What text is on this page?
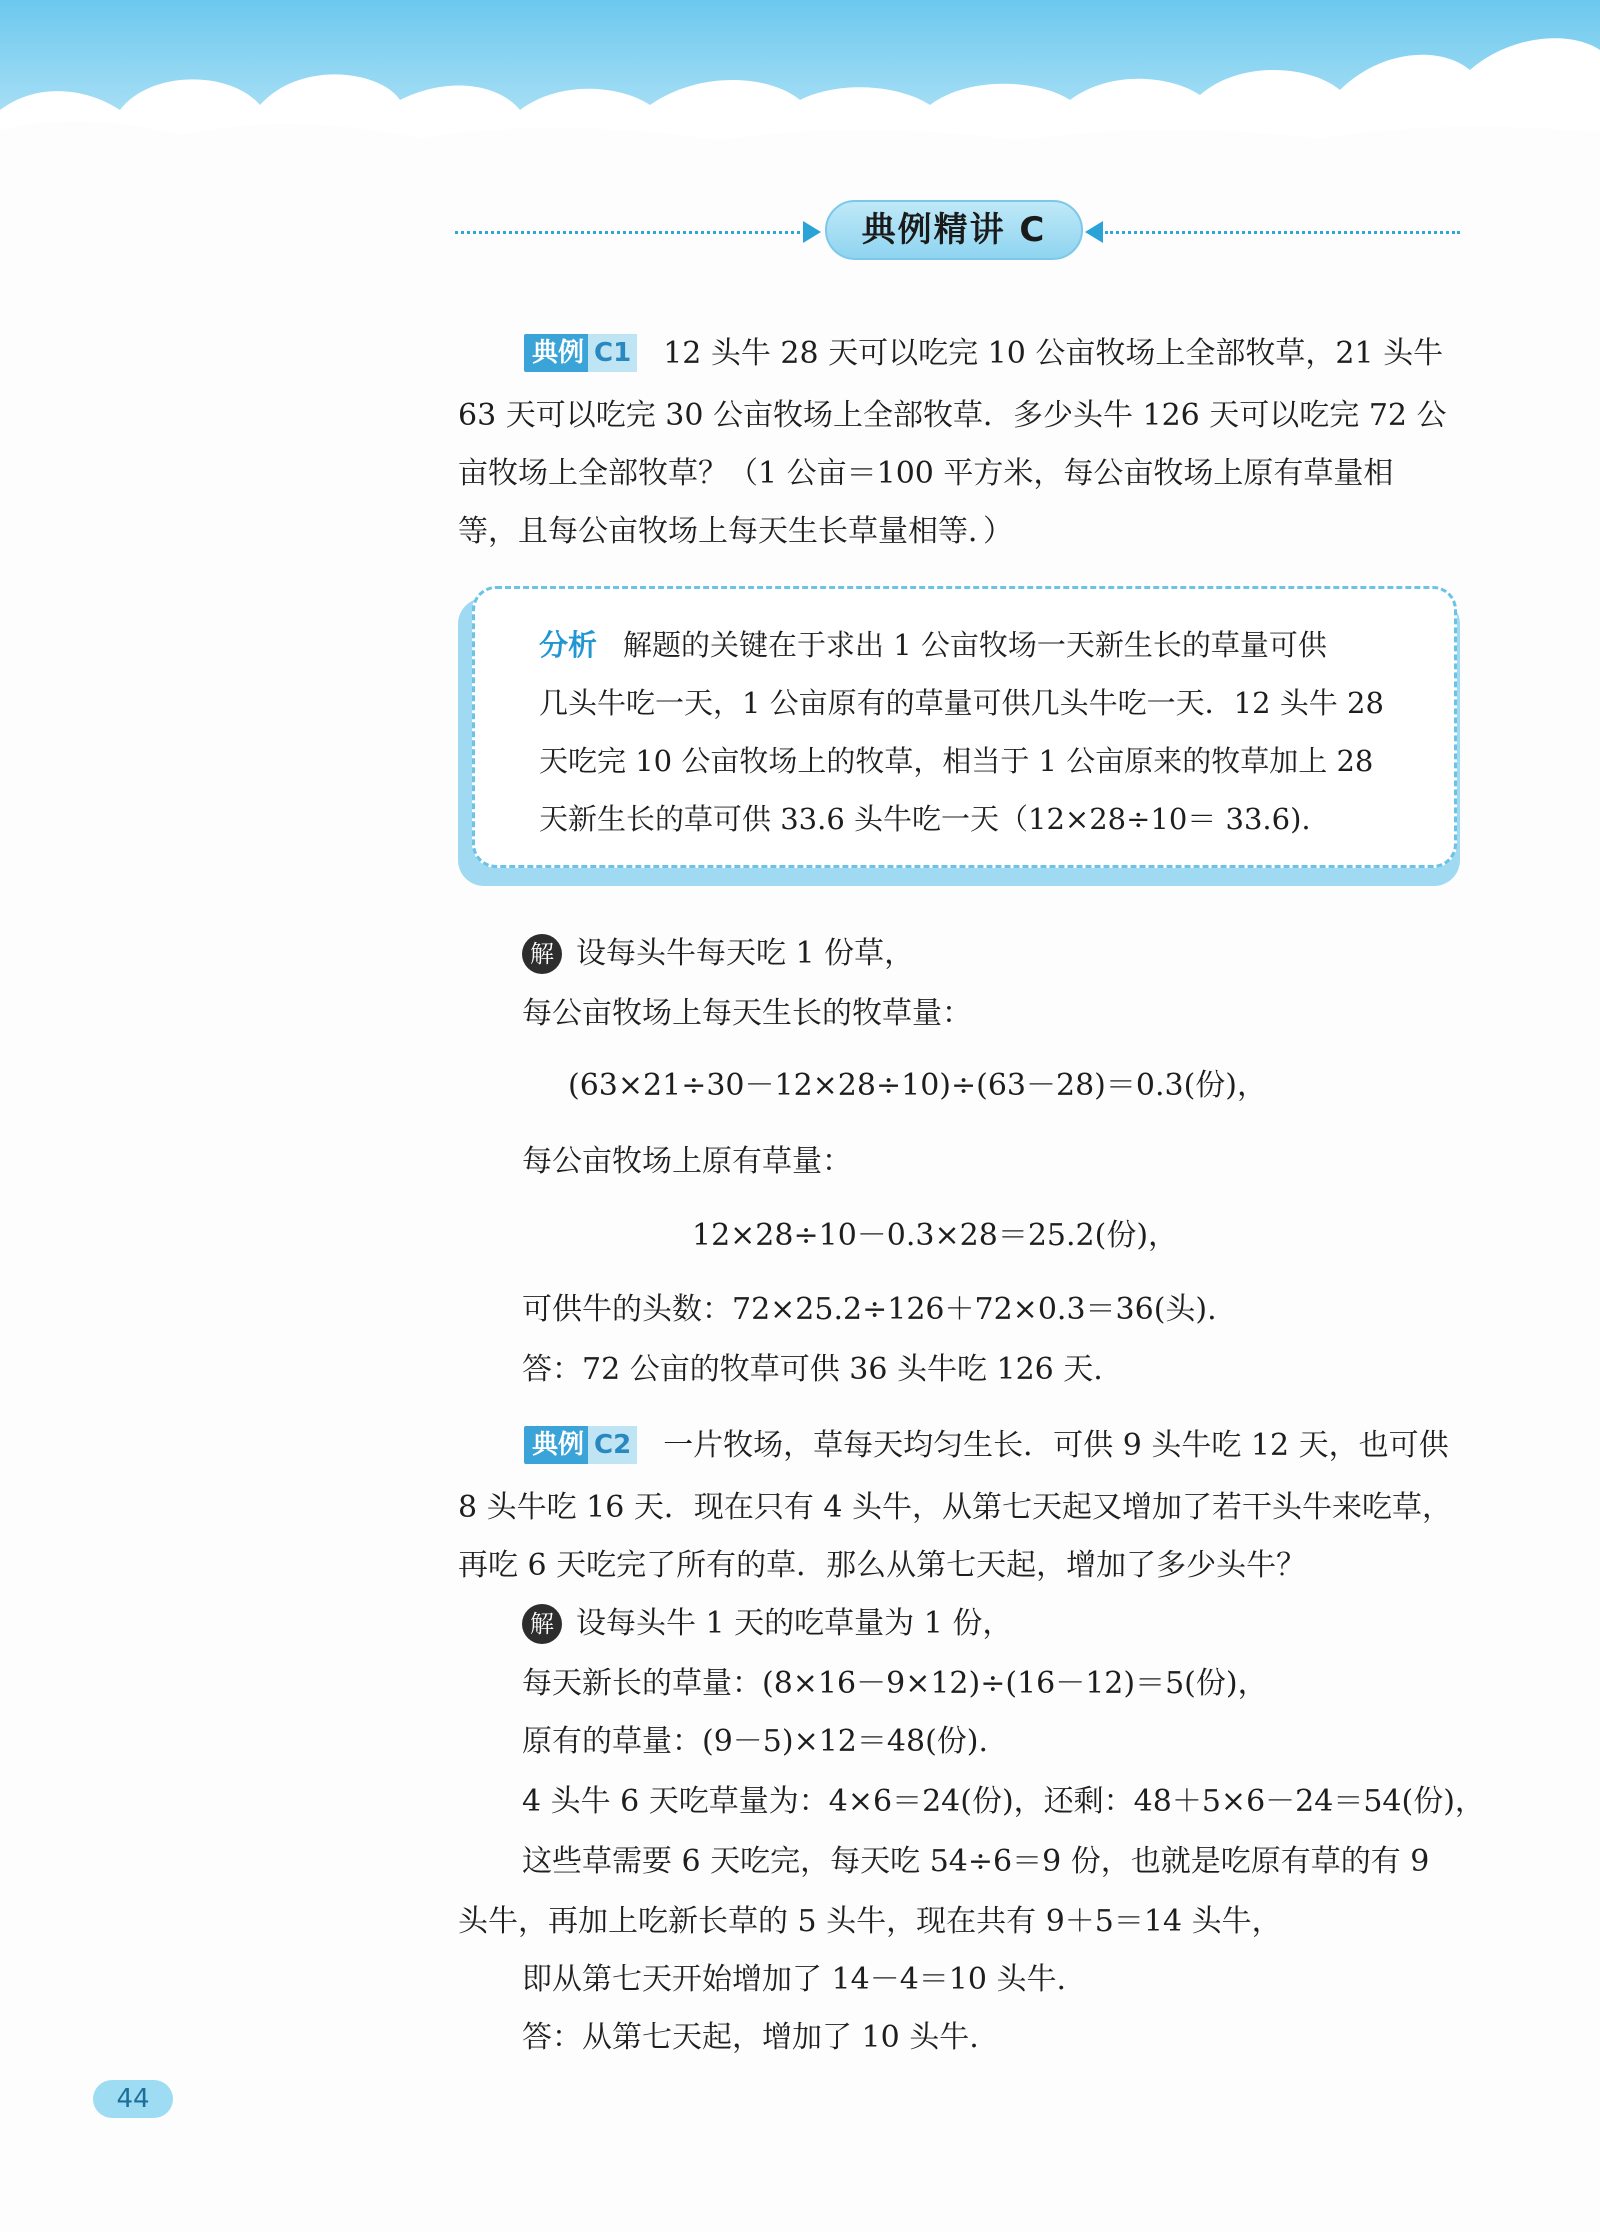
典例精讲 C
典例 C1 12 头牛 28 天可以吃完 10 公亩牧场上全部牧草，21 头牛
63 天可以吃完 30 公亩牧场上全部牧草．多少头牛 126 天可以吃完 72 公
亩牧场上全部牧草？（1 公亩＝100 平方米，每公亩牧场上原有草量相
等，且每公亩牧场上每天生长草量相等．）
分析 解题的关键在于求出 1 公亩牧场一天新生长的草量可供
几头牛吃一天，1 公亩原有的草量可供几头牛吃一天．12 头牛 28
天吃完 10 公亩牧场上的牧草，相当于 1 公亩原来的牧草加上 28
天新生长的草可供 33.6 头牛吃一天（12×28÷10＝ 33.6).
解 设每头牛每天吃 1 份草，
每公亩牧场上每天生长的牧草量：
(63×21÷30－12×28÷10)÷(63－28)＝0.3(份)，
每公亩牧场上原有草量：
12×28÷10－0.3×28＝25.2(份)，
可供牛的头数：72×25.2÷126＋72×0.3＝36(头).
答：72 公亩的牧草可供 36 头牛吃 126 天.
典例 C2 一片牧场，草每天均匀生长．可供 9 头牛吃 12 天，也可供
8 头牛吃 16 天．现在只有 4 头牛，从第七天起又增加了若干头牛来吃草，
再吃 6 天吃完了所有的草．那么从第七天起，增加了多少头牛？
解 设每头牛 1 天的吃草量为 1 份，
每天新长的草量：(8×16－9×12)÷(16－12)＝5(份)，
原有的草量：(9－5)×12＝48(份).
4 头牛 6 天吃草量为：4×6＝24(份)，还剩：48＋5×6－24＝54(份)，
这些草需要 6 天吃完，每天吃 54÷6＝9 份，也就是吃原有草的有 9
头牛，再加上吃新长草的 5 头牛，现在共有 9＋5＝14 头牛，
即从第七天开始增加了 14－4＝10 头牛.
答：从第七天起，增加了 10 头牛.
44
